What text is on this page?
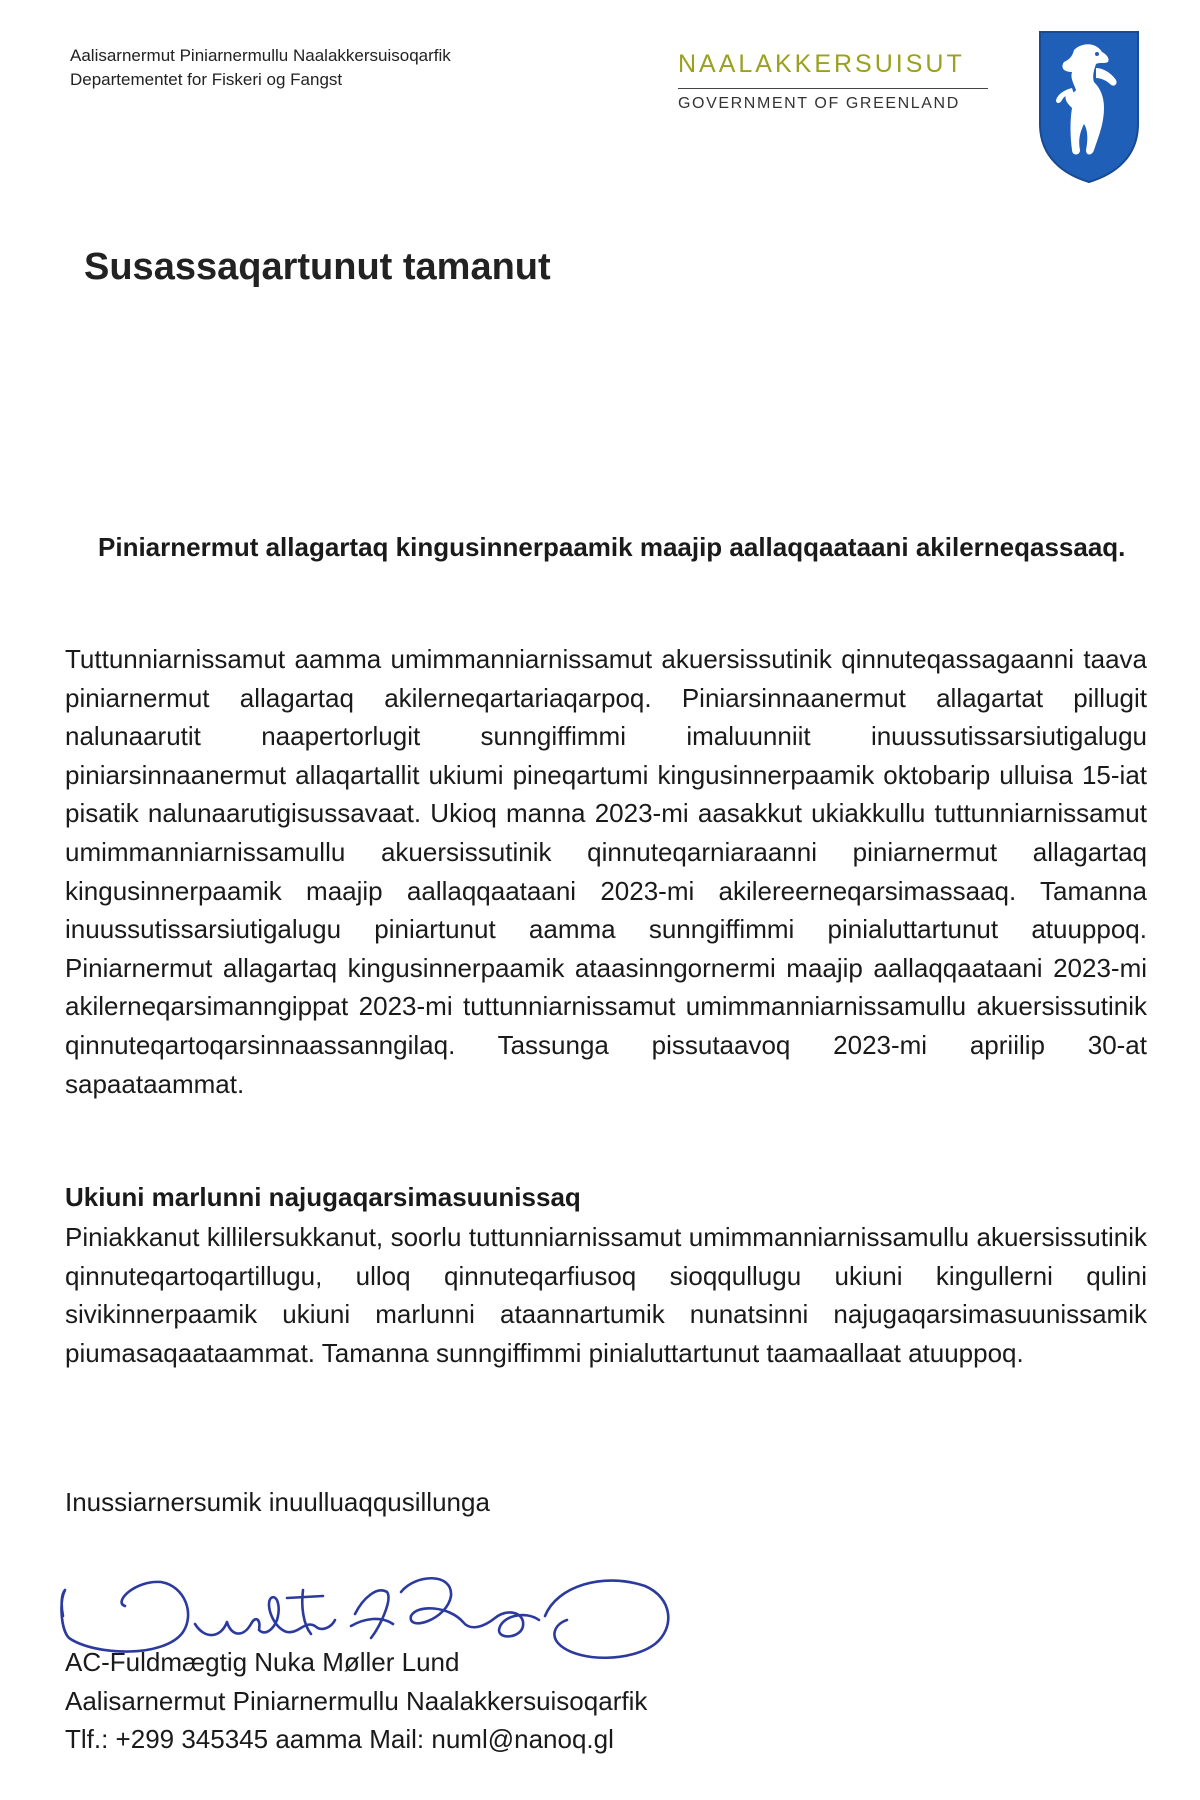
Aalisarnermut Piniarnermullu Naalakkersuisoqarfik
Departementet for Fiskeri og Fangst
NAALAKKERSUISUT
GOVERNMENT OF GREENLAND
Susassaqartunut tamanut

Piniarnermut allagartaq kingusinnerpaamik maajip aallaqqaataani akilerneqassaaq.

Tuttunniarnissamut aamma umimmanniarnissamut akuersissutinik qinnuteqassagaanni taava piniarnermut allagartaq akilerneqartariaqarpoq. Piniarsinnaanermut allagartat pillugit nalunaarutit naapertorlugit sunngiffimmi imaluunniit inuussutissarsiutigalugu piniarsinnaanermut allaqartallit ukiumi pineqartumi kingusinnerpaamik oktobarip ulluisa 15-iat pisatik nalunaarutigisussavaat. Ukioq manna 2023-mi aasakkut ukiakkullu tuttunniarnissamut umimmanniarnissamullu akuersissutinik qinnuteqarniaraanni piniarnermut allagartaq kingusinnerpaamik maajip aallaqqaataani 2023-mi akilereerneqarsimassaaq. Tamanna inuussutissarsiutigalugu piniartunut aamma sunngiffimmi pinialuttartunut atuuppoq. Piniarnermut allagartaq kingusinnerpaamik ataasinngornermi maajip aallaqqaataani 2023-mi akilerneqarsimanngippat 2023-mi tuttunniarnissamut umimmanniarnissamullu akuersissutinik qinnuteqartoqarsinnaassanngilaq. Tassunga pissutaavoq 2023-mi apriilip 30-at sapaataammat.

Ukiuni marlunni najugaqarsimasuunissaq

Piniakkanut killilersukkanut, soorlu tuttunniarnissamut umimmanniarnissamullu akuersissutinik qinnuteqartoqartillugu, ulloq qinnuteqarfiusoq sioqqullugu ukiuni kingullerni qulini sivikinnerpaamik ukiuni marlunni ataannartumik nunatsinni najugaqarsimasuunissamik piumasaqaataammat. Tamanna sunngiffimmi pinialuttartunut taamaallaat atuuppoq.

Inussiarnersumik inuulluaqqusillunga
AC-Fuldmægtig Nuka Møller Lund
Aalisarnermut Piniarnermullu Naalakkersuisoqarfik
Tlf.: +299 345345 aamma Mail: numl@nanoq.gl
